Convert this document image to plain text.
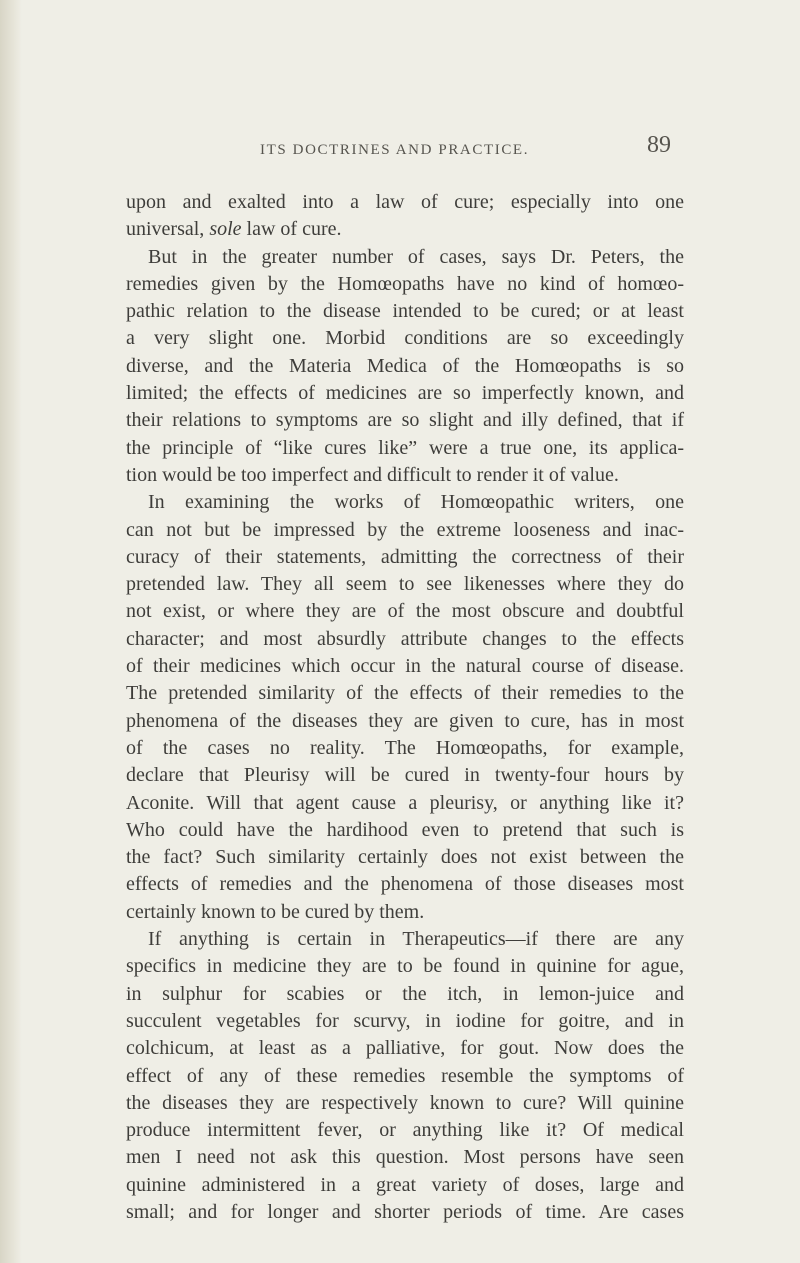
ITS DOCTRINES AND PRACTICE.	89
upon and exalted into a law of cure; especially into one
universal, sole law of cure.
But in the greater number of cases, says Dr. Peters, the
remedies given by the Homœopaths have no kind of homœo-
pathic relation to the disease intended to be cured; or at least
a very slight one. Morbid conditions are so exceedingly
diverse, and the Materia Medica of the Homœopaths is so
limited; the effects of medicines are so imperfectly known, and
their relations to symptoms are so slight and illy defined, that if
the principle of “like cures like” were a true one, its applica-
tion would be too imperfect and difficult to render it of value.
In examining the works of Homœopathic writers, one
can not but be impressed by the extreme looseness and inac-
curacy of their statements, admitting the correctness of their
pretended law. They all seem to see likenesses where they do
not exist, or where they are of the most obscure and doubtful
character; and most absurdly attribute changes to the effects
of their medicines which occur in the natural course of disease.
The pretended similarity of the effects of their remedies to the
phenomena of the diseases they are given to cure, has in most
of the cases no reality. The Homœopaths, for example,
declare that Pleurisy will be cured in twenty-four hours by
Aconite. Will that agent cause a pleurisy, or anything like it?
Who could have the hardihood even to pretend that such is
the fact? Such similarity certainly does not exist between the
effects of remedies and the phenomena of those diseases most
certainly known to be cured by them.
If anything is certain in Therapeutics—if there are any
specifics in medicine they are to be found in quinine for ague,
in sulphur for scabies or the itch, in lemon-juice and
succulent vegetables for scurvy, in iodine for goitre, and in
colchicum, at least as a palliative, for gout. Now does the
effect of any of these remedies resemble the symptoms of
the diseases they are respectively known to cure? Will quinine
produce intermittent fever, or anything like it? Of medical
men I need not ask this question. Most persons have seen
quinine administered in a great variety of doses, large and
small; and for longer and shorter periods of time. Are cases
